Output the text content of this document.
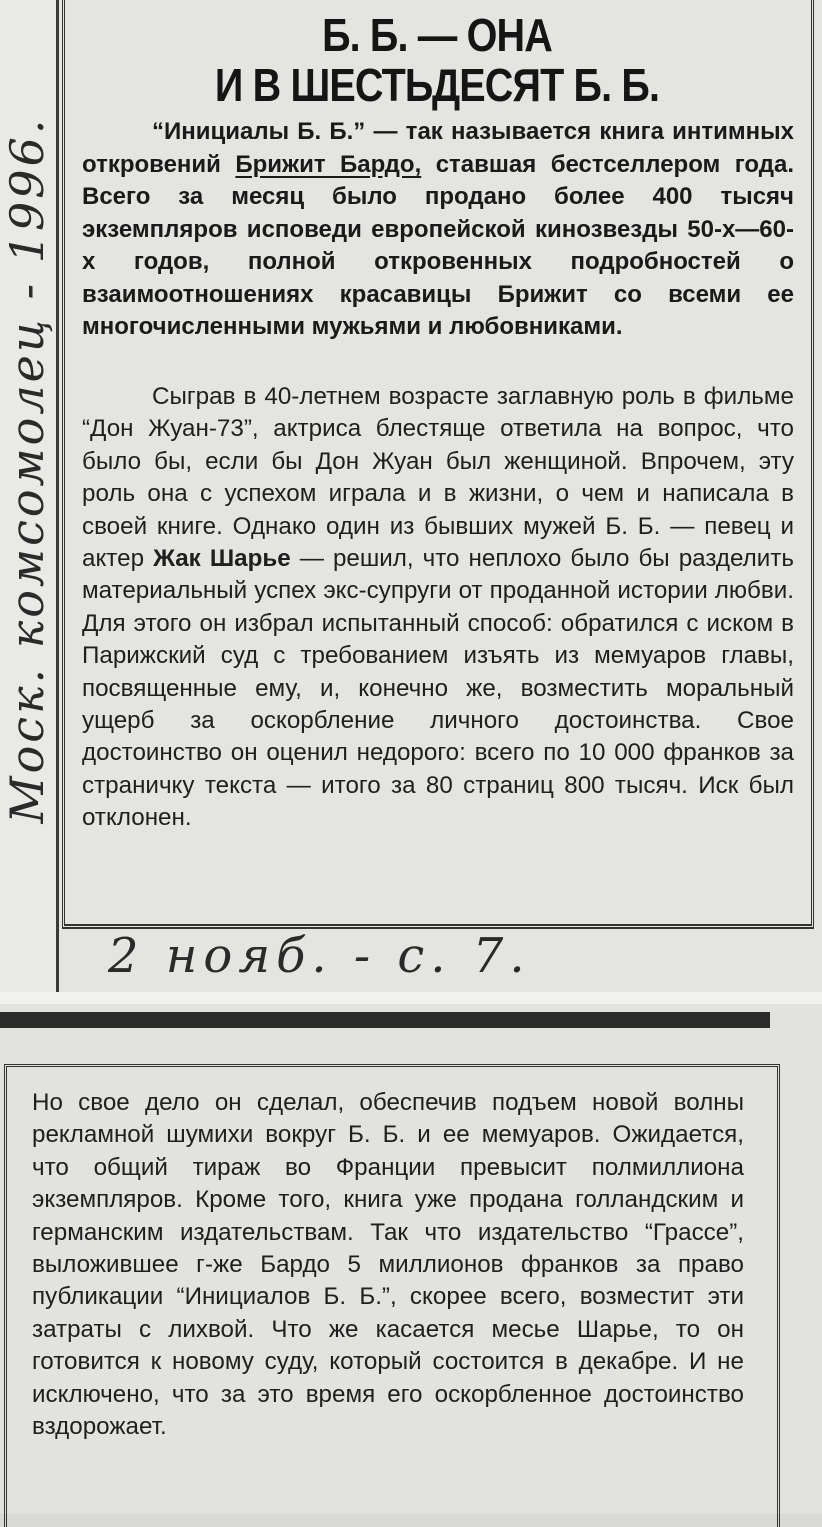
Моск. комсомолец - 1996.
Б. Б. — ОНА
И В ШЕСТЬДЕСЯТ Б. Б.

“Инициалы Б. Б.” — так называется книга интимных откровений Брижит Бардо, ставшая бестселлером года. Всего за месяц было продано более 400 тысяч экземпляров исповеди европейской кинозвезды 50-х—60-х годов, полной откровенных подробностей о взаимоотношениях красавицы Брижит со всеми ее многочисленными мужьями и любовниками.

Сыграв в 40-летнем возрасте заглавную роль в фильме “Дон Жуан-73”, актриса блестяще ответила на вопрос, что было бы, если бы Дон Жуан был женщиной. Впрочем, эту роль она с успехом играла и в жизни, о чем и написала в своей книге. Однако один из бывших мужей Б. Б. — певец и актер Жак Шарье — решил, что неплохо было бы разделить материальный успех экс-супруги от проданной истории любви. Для этого он избрал испытанный способ: обратился с иском в Парижский суд с требованием изъять из мемуаров главы, посвященные ему, и, конечно же, возместить моральный ущерб за оскорбление личного достоинства. Свое достоинство он оценил недорого: всего по 10 000 франков за страничку текста — итого за 80 страниц 800 тысяч. Иск был отклонен.

2 нояб. - с. 7.

Но свое дело он сделал, обеспечив подъем новой волны рекламной шумихи вокруг Б. Б. и ее мемуаров. Ожидается, что общий тираж во Франции превысит полмиллиона экземпляров. Кроме того, книга уже продана голландским и германским издательствам. Так что издательство “Грассе”, выложившее г-же Бардо 5 миллионов франков за право публикации “Инициалов Б. Б.”, скорее всего, возместит эти затраты с лихвой. Что же касается месье Шарье, то он готовится к новому суду, который состоится в декабре. И не исключено, что за это время его оскорбленное достоинство вздорожает.
